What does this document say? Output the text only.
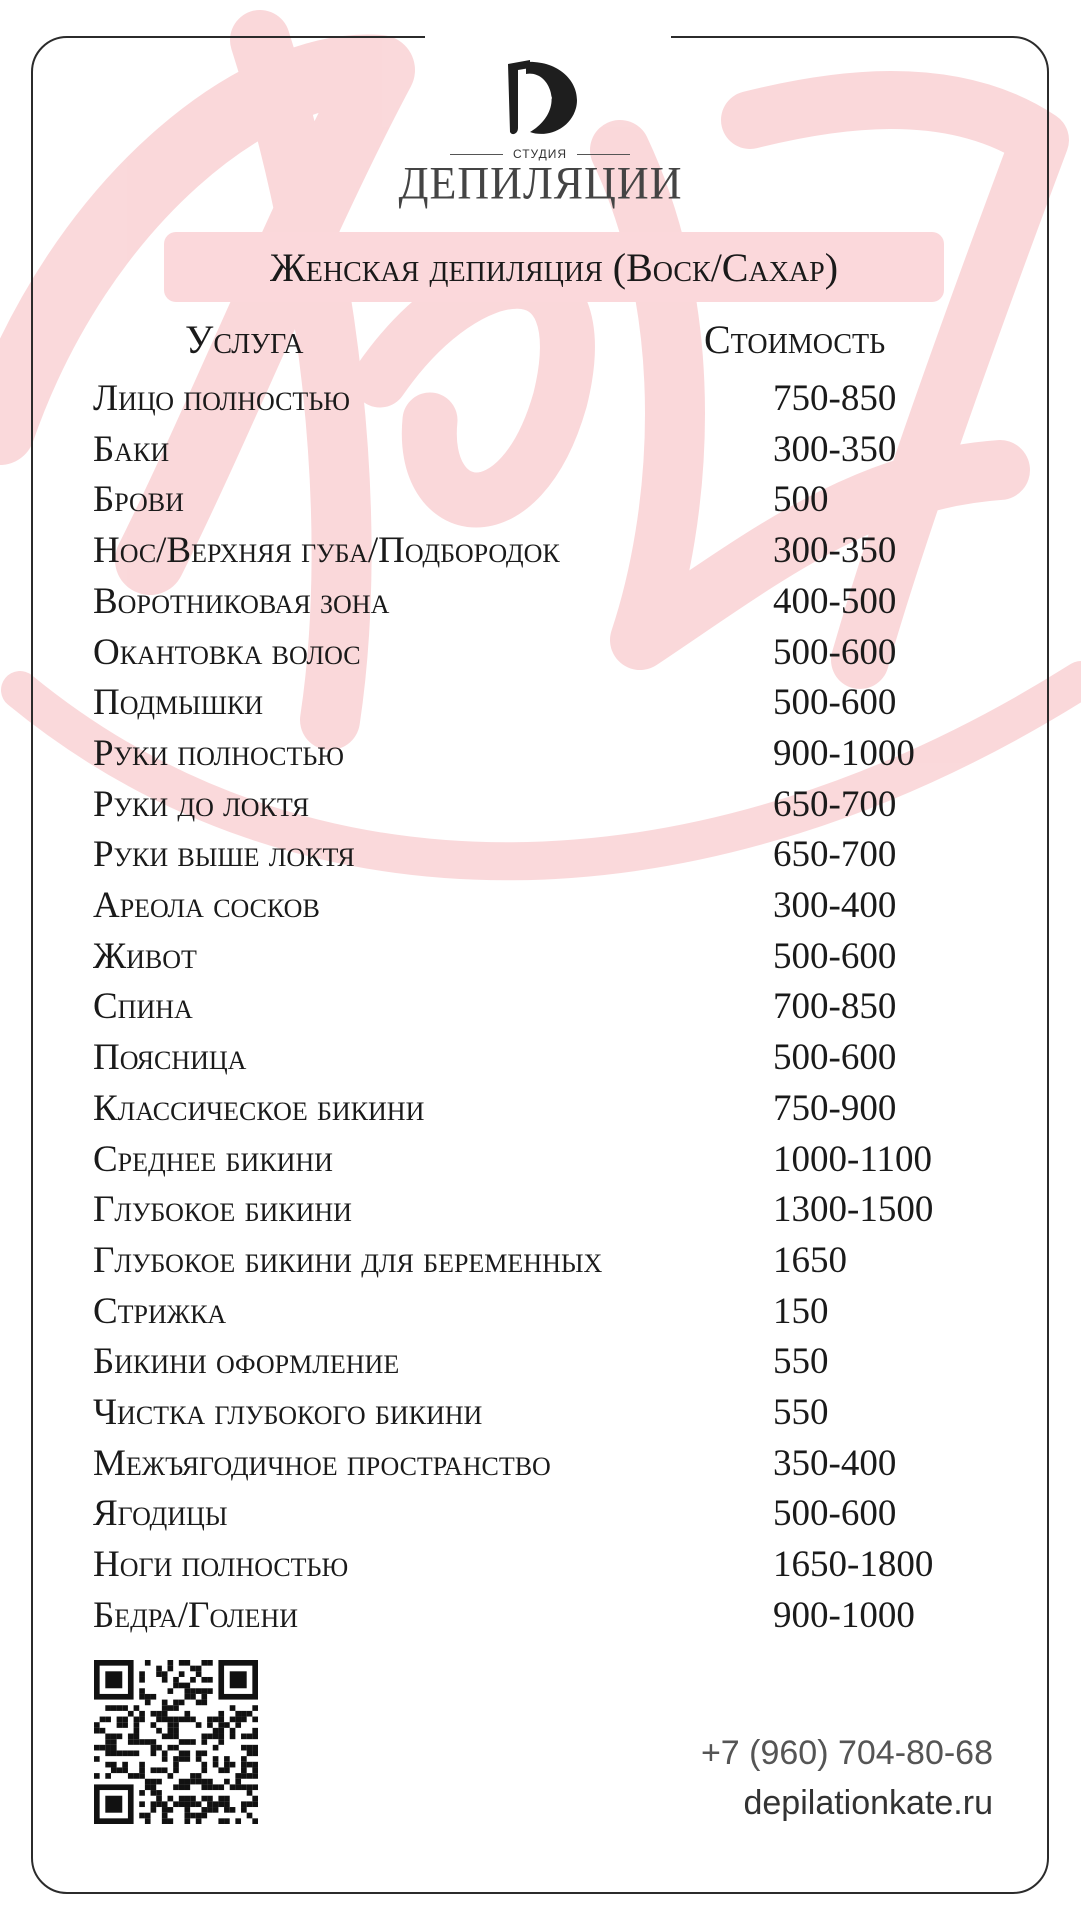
СТУДИЯ
ДЕПИЛЯЦИИ
Женская депиляция (Воск/Сахар)
Услуга	Стоимость
Лицо полностью	750-850
Баки	300-350
Брови	500
Нос/Верхняя губа/Подбородок	300-350
Воротниковая зона	400-500
Окантовка волос	500-600
Подмышки	500-600
Руки полностью	900-1000
Руки до локтя	650-700
Руки выше локтя	650-700
Ареола сосков	300-400
Живот	500-600
Спина	700-850
Поясница	500-600
Классическое бикини	750-900
Среднее бикини	1000-1100
Глубокое бикини	1300-1500
Глубокое бикини для беременных	1650
Стрижка	150
Бикини оформление	550
Чистка глубокого бикини	550
Межъягодичное пространство	350-400
Ягодицы	500-600
Ноги полностью	1650-1800
Бедра/Голени	900-1000
+7 (960) 704-80-68
depilationkate.ru
